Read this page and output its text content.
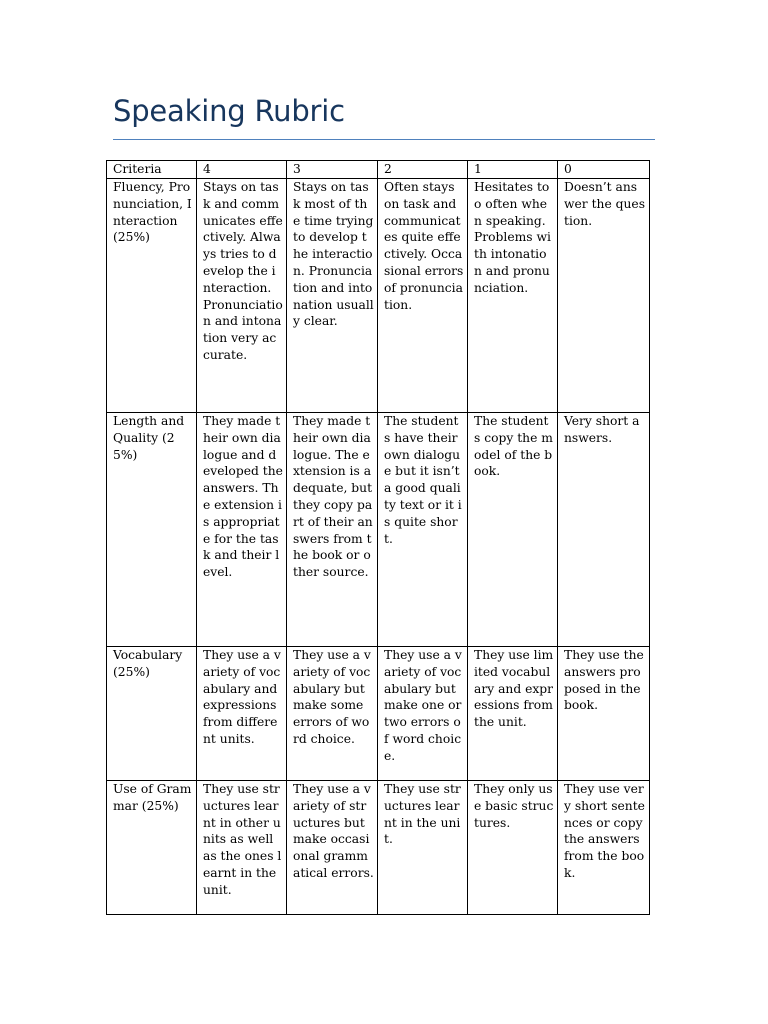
Speaking Rubric
Criteria	4	3	2	1	0
Fluency, Pronunciation, Interaction (25%)	Stays on task and communicates effectively. Always tries to develop the interaction. Pronunciation and intonation very accurate.	Stays on task most of the time trying to develop the interaction. Pronunciation and intonation usually clear.	Often stays on task and communicates quite effectively. Occasional errors of pronunciation.	Hesitates too often when speaking. Problems with intonation and pronunciation.	Doesn’t answer the question.
Length and Quality (25%)	They made their own dialogue and developed the answers. The extension is appropriate for the task and their level.	They made their own dialogue. The extension is adequate, but they copy part of their answers from the book or other source.	The students have their own dialogue but it isn’t a good quality text or it is quite short.	The students copy the model of the book.	Very short answers.
Vocabulary (25%)	They use a variety of vocabulary and expressions from different units.	They use a variety of vocabulary but make some errors of word choice.	They use a variety of vocabulary but make one or two errors of word choice.	They use limited vocabulary and expressions from the unit.	They use the answers proposed in the book.
Use of Grammar (25%)	They use structures learnt in other units as well as the ones learnt in the unit.	They use a variety of structures but make occasional grammatical errors.	They use structures learnt in the unit.	They only use basic structures.	They use very short sentences or copy the answers from the book.
